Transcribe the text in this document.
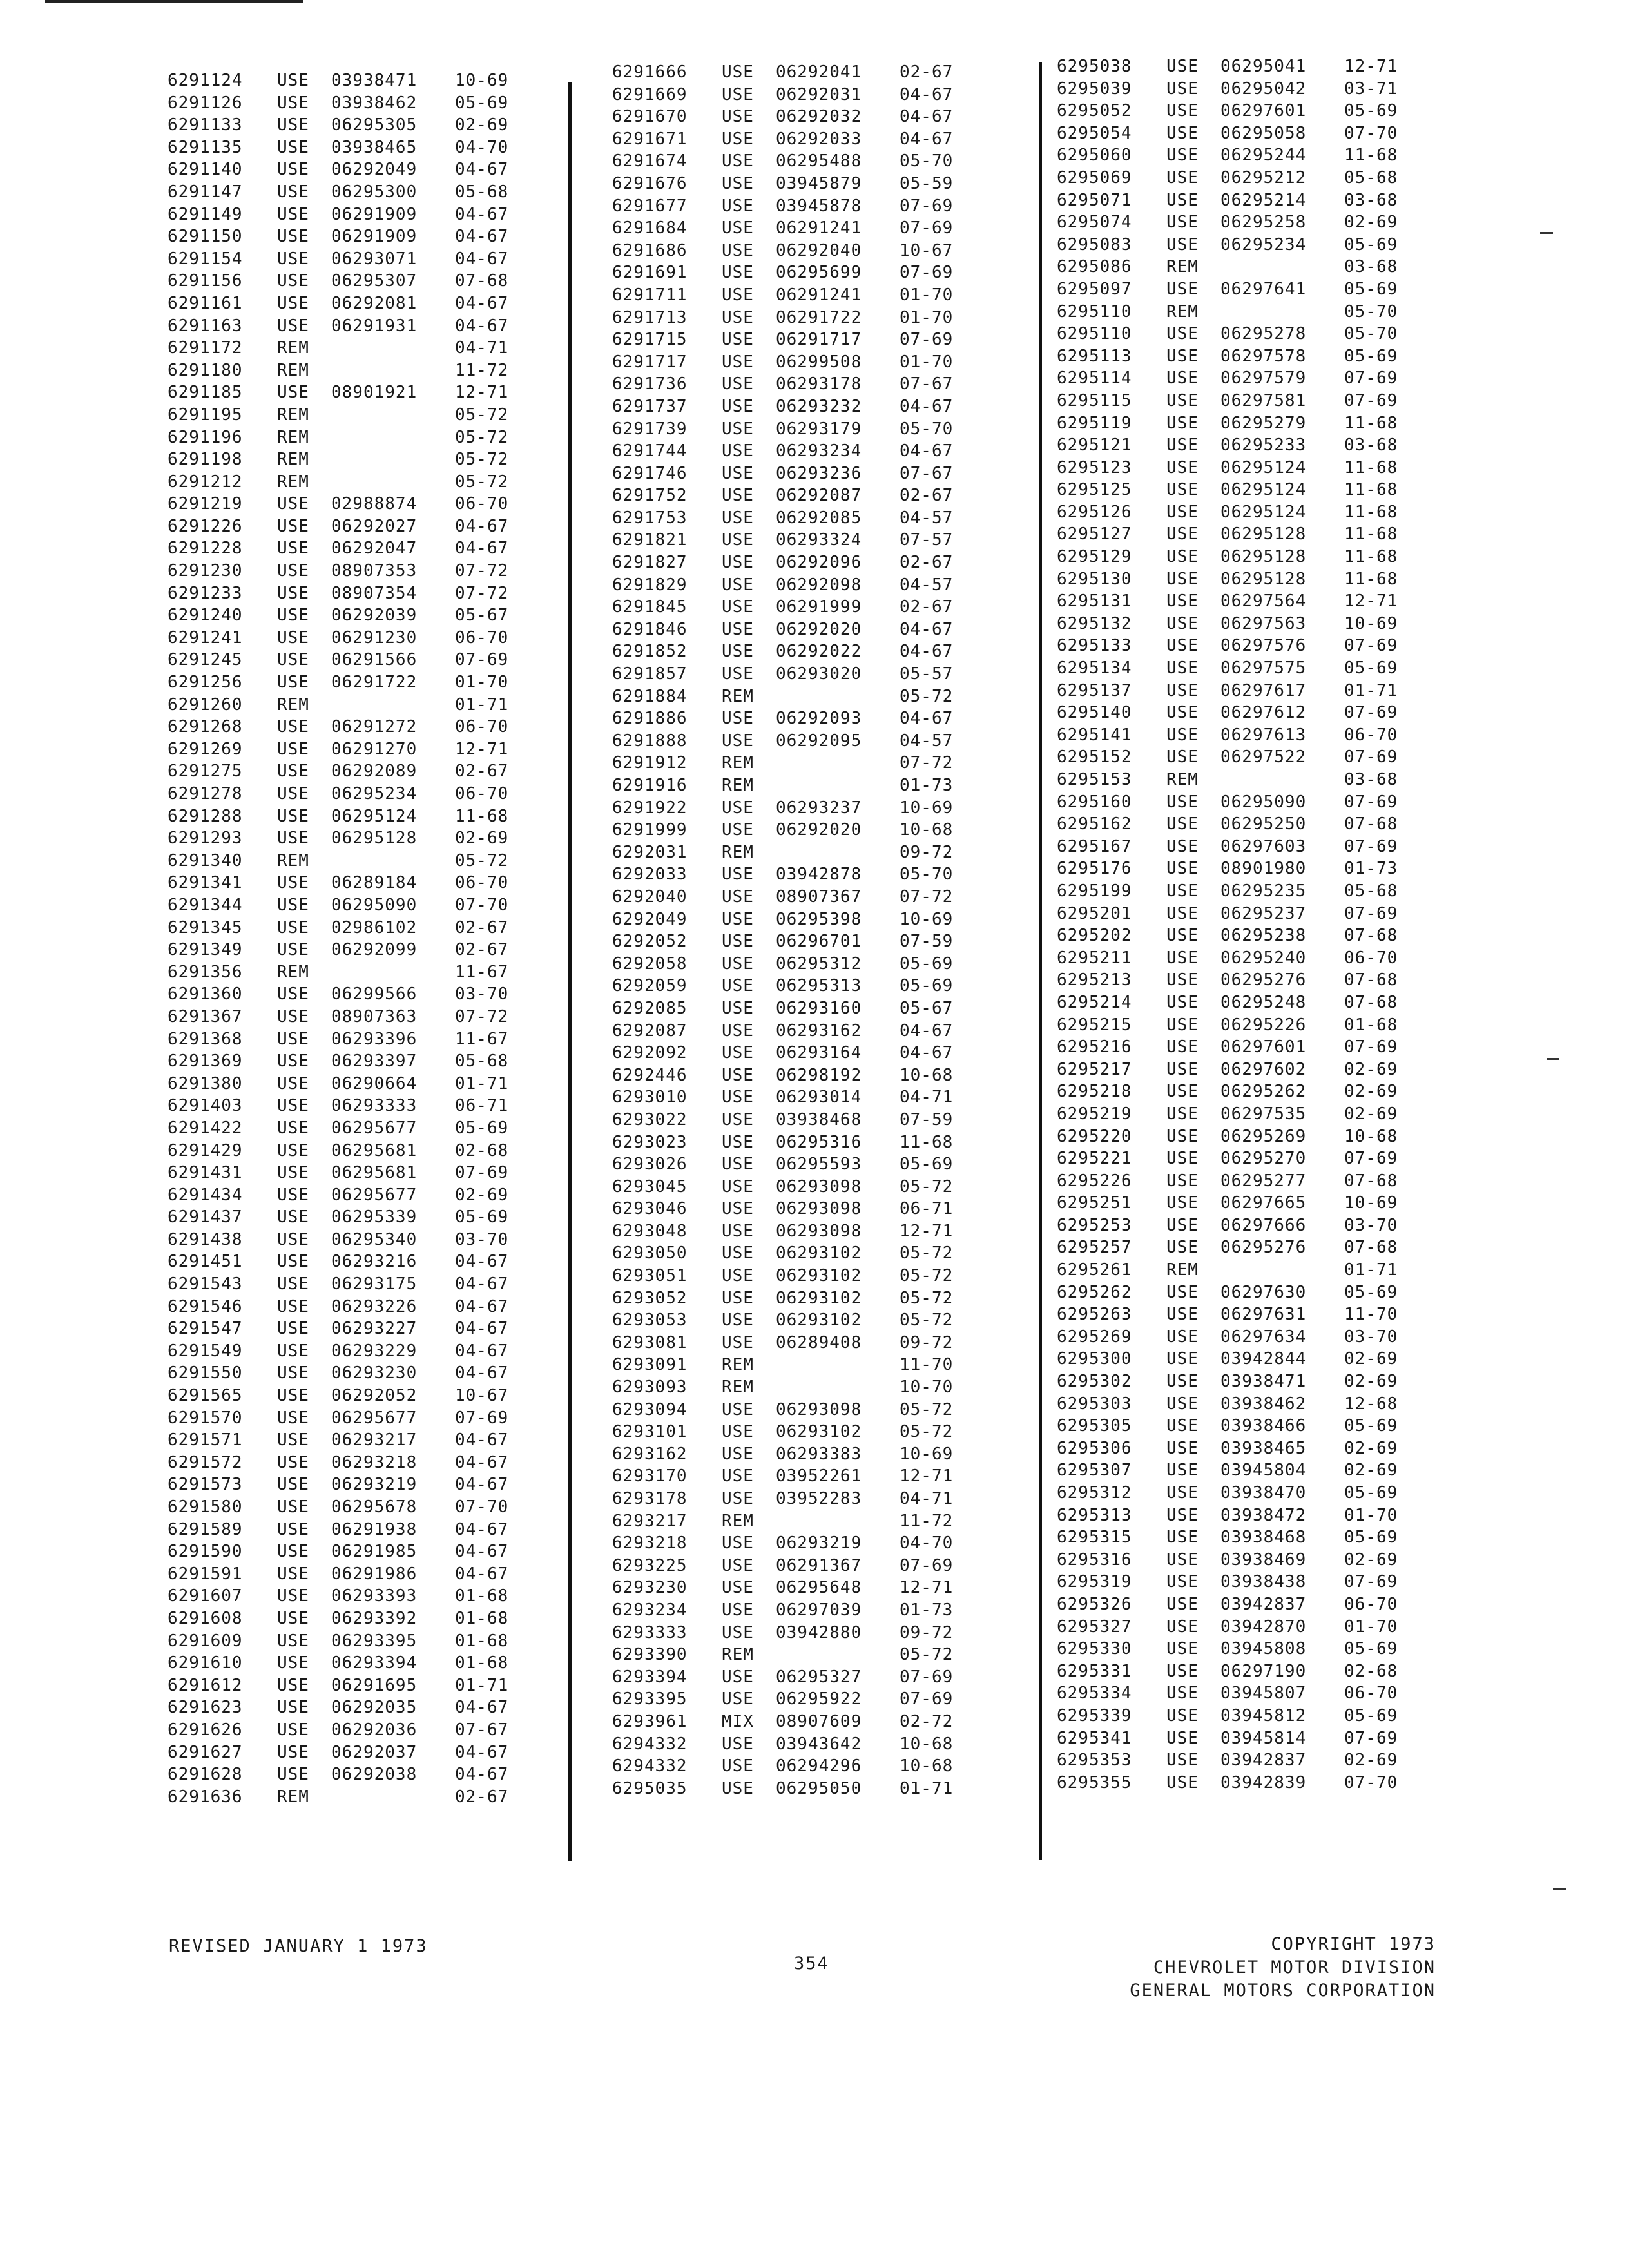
6291124 USE 03938471 10-69
6291126 USE 03938462 05-69
6291133 USE 06295305 02-69
6291135 USE 03938465 04-70
6291140 USE 06292049 04-67
6291147 USE 06295300 05-68
6291149 USE 06291909 04-67
6291150 USE 06291909 04-67
6291154 USE 06293071 04-67
6291156 USE 06295307 07-68
6291161 USE 06292081 04-67
6291163 USE 06291931 04-67
6291172 REM	04-71
6291180 REM	11-72
6291185 USE 08901921 12-71
6291195 REM	05-72
6291196 REM	05-72
6291198 REM	05-72
6291212 REM	05-72
6291219 USE 02988874 06-70
6291226 USE 06292027 04-67
6291228 USE 06292047 04-67
6291230 USE 08907353 07-72
6291233 USE 08907354 07-72
6291240 USE 06292039 05-67
6291241 USE 06291230 06-70
6291245 USE 06291566 07-69
6291256 USE 06291722 01-70
6291260 REM	01-71
6291268 USE 06291272 06-70
6291269 USE 06291270 12-71
6291275 USE 06292089 02-67
6291278 USE 06295234 06-70
6291288 USE 06295124 11-68
6291293 USE 06295128 02-69
6291340 REM	05-72
6291341 USE 06289184 06-70
6291344 USE 06295090 07-70
6291345 USE 02986102 02-67
6291349 USE 06292099 02-67
6291356 REM	11-67
6291360 USE 06299566 03-70
6291367 USE 08907363 07-72
6291368 USE 06293396 11-67
6291369 USE 06293397 05-68
6291380 USE 06290664 01-71
6291403 USE 06293333 06-71
6291422 USE 06295677 05-69
6291429 USE 06295681 02-68
6291431 USE 06295681 07-69
6291434 USE 06295677 02-69
6291437 USE 06295339 05-69
6291438 USE 06295340 03-70
6291451 USE 06293216 04-67
6291543 USE 06293175 04-67
6291546 USE 06293226 04-67
6291547 USE 06293227 04-67
6291549 USE 06293229 04-67
6291550 USE 06293230 04-67
6291565 USE 06292052 10-67
6291570 USE 06295677 07-69
6291571 USE 06293217 04-67
6291572 USE 06293218 04-67
6291573 USE 06293219 04-67
6291580 USE 06295678 07-70
6291589 USE 06291938 04-67
6291590 USE 06291985 04-67
6291591 USE 06291986 04-67
6291607 USE 06293393 01-68
6291608 USE 06293392 01-68
6291609 USE 06293395 01-68
6291610 USE 06293394 01-68
6291612 USE 06291695 01-71
6291623 USE 06292035 04-67
6291626 USE 06292036 07-67
6291627 USE 06292037 04-67
6291628 USE 06292038 04-67
6291636 REM	02-67
6291666 USE 06292041 02-67
6291669 USE 06292031 04-67
6291670 USE 06292032 04-67
6291671 USE 06292033 04-67
6291674 USE 06295488 05-70
6291676 USE 03945879 05-59
6291677 USE 03945878 07-69
6291684 USE 06291241 07-69
6291686 USE 06292040 10-67
6291691 USE 06295699 07-69
6291711 USE 06291241 01-70
6291713 USE 06291722 01-70
6291715 USE 06291717 07-69
6291717 USE 06299508 01-70
6291736 USE 06293178 07-67
6291737 USE 06293232 04-67
6291739 USE 06293179 05-70
6291744 USE 06293234 04-67
6291746 USE 06293236 07-67
6291752 USE 06292087 02-67
6291753 USE 06292085 04-57
6291821 USE 06293324 07-57
6291827 USE 06292096 02-67
6291829 USE 06292098 04-57
6291845 USE 06291999 02-67
6291846 USE 06292020 04-67
6291852 USE 06292022 04-67
6291857 USE 06293020 05-57
6291884 REM	05-72
6291886 USE 06292093 04-67
6291888 USE 06292095 04-57
6291912 REM	07-72
6291916 REM	01-73
6291922 USE 06293237 10-69
6291999 USE 06292020 10-68
6292031 REM	09-72
6292033 USE 03942878 05-70
6292040 USE 08907367 07-72
6292049 USE 06295398 10-69
6292052 USE 06296701 07-59
6292058 USE 06295312 05-69
6292059 USE 06295313 05-69
6292085 USE 06293160 05-67
6292087 USE 06293162 04-67
6292092 USE 06293164 04-67
6292446 USE 06298192 10-68
6293010 USE 06293014 04-71
6293022 USE 03938468 07-59
6293023 USE 06295316 11-68
6293026 USE 06295593 05-69
6293045 USE 06293098 05-72
6293046 USE 06293098 06-71
6293048 USE 06293098 12-71
6293050 USE 06293102 05-72
6293051 USE 06293102 05-72
6293052 USE 06293102 05-72
6293053 USE 06293102 05-72
6293081 USE 06289408 09-72
6293091 REM	11-70
6293093 REM	10-70
6293094 USE 06293098 05-72
6293101 USE 06293102 05-72
6293162 USE 06293383 10-69
6293170 USE 03952261 12-71
6293178 USE 03952283 04-71
6293217 REM	11-72
6293218 USE 06293219 04-70
6293225 USE 06291367 07-69
6293230 USE 06295648 12-71
6293234 USE 06297039 01-73
6293333 USE 03942880 09-72
6293390 REM	05-72
6293394 USE 06295327 07-69
6293395 USE 06295922 07-69
6293961 MIX 08907609 02-72
6294332 USE 03943642 10-68
6294332 USE 06294296 10-68
6295035 USE 06295050 01-71
6295038 USE 06295041 12-71
6295039 USE 06295042 03-71
6295052 USE 06297601 05-69
6295054 USE 06295058 07-70
6295060 USE 06295244 11-68
6295069 USE 06295212 05-68
6295071 USE 06295214 03-68
6295074 USE 06295258 02-69
6295083 USE 06295234 05-69
6295086 REM	03-68
6295097 USE 06297641 05-69
6295110 REM	05-70
6295110 USE 06295278 05-70
6295113 USE 06297578 05-69
6295114 USE 06297579 07-69
6295115 USE 06297581 07-69
6295119 USE 06295279 11-68
6295121 USE 06295233 03-68
6295123 USE 06295124 11-68
6295125 USE 06295124 11-68
6295126 USE 06295124 11-68
6295127 USE 06295128 11-68
6295129 USE 06295128 11-68
6295130 USE 06295128 11-68
6295131 USE 06297564 12-71
6295132 USE 06297563 10-69
6295133 USE 06297576 07-69
6295134 USE 06297575 05-69
6295137 USE 06297617 01-71
6295140 USE 06297612 07-69
6295141 USE 06297613 06-70
6295152 USE 06297522 07-69
6295153 REM	03-68
6295160 USE 06295090 07-69
6295162 USE 06295250 07-68
6295167 USE 06297603 07-69
6295176 USE 08901980 01-73
6295199 USE 06295235 05-68
6295201 USE 06295237 07-69
6295202 USE 06295238 07-68
6295211 USE 06295240 06-70
6295213 USE 06295276 07-68
6295214 USE 06295248 07-68
6295215 USE 06295226 01-68
6295216 USE 06297601 07-69
6295217 USE 06297602 02-69
6295218 USE 06295262 02-69
6295219 USE 06297535 02-69
6295220 USE 06295269 10-68
6295221 USE 06295270 07-69
6295226 USE 06295277 07-68
6295251 USE 06297665 10-69
6295253 USE 06297666 03-70
6295257 USE 06295276 07-68
6295261 REM	01-71
6295262 USE 06297630 05-69
6295263 USE 06297631 11-70
6295269 USE 06297634 03-70
6295300 USE 03942844 02-69
6295302 USE 03938471 02-69
6295303 USE 03938462 12-68
6295305 USE 03938466 05-69
6295306 USE 03938465 02-69
6295307 USE 03945804 02-69
6295312 USE 03938470 05-69
6295313 USE 03938472 01-70
6295315 USE 03938468 05-69
6295316 USE 03938469 02-69
6295319 USE 03938438 07-69
6295326 USE 03942837 06-70
6295327 USE 03942870 01-70
6295330 USE 03945808 05-69
6295331 USE 06297190 02-68
6295334 USE 03945807 06-70
6295339 USE 03945812 05-69
6295341 USE 03945814 07-69
6295353 USE 03942837 02-69
6295355 USE 03942839 07-70
REVISED JANUARY 1 1973
354
COPYRIGHT 1973
CHEVROLET MOTOR DIVISION
GENERAL MOTORS CORPORATION
